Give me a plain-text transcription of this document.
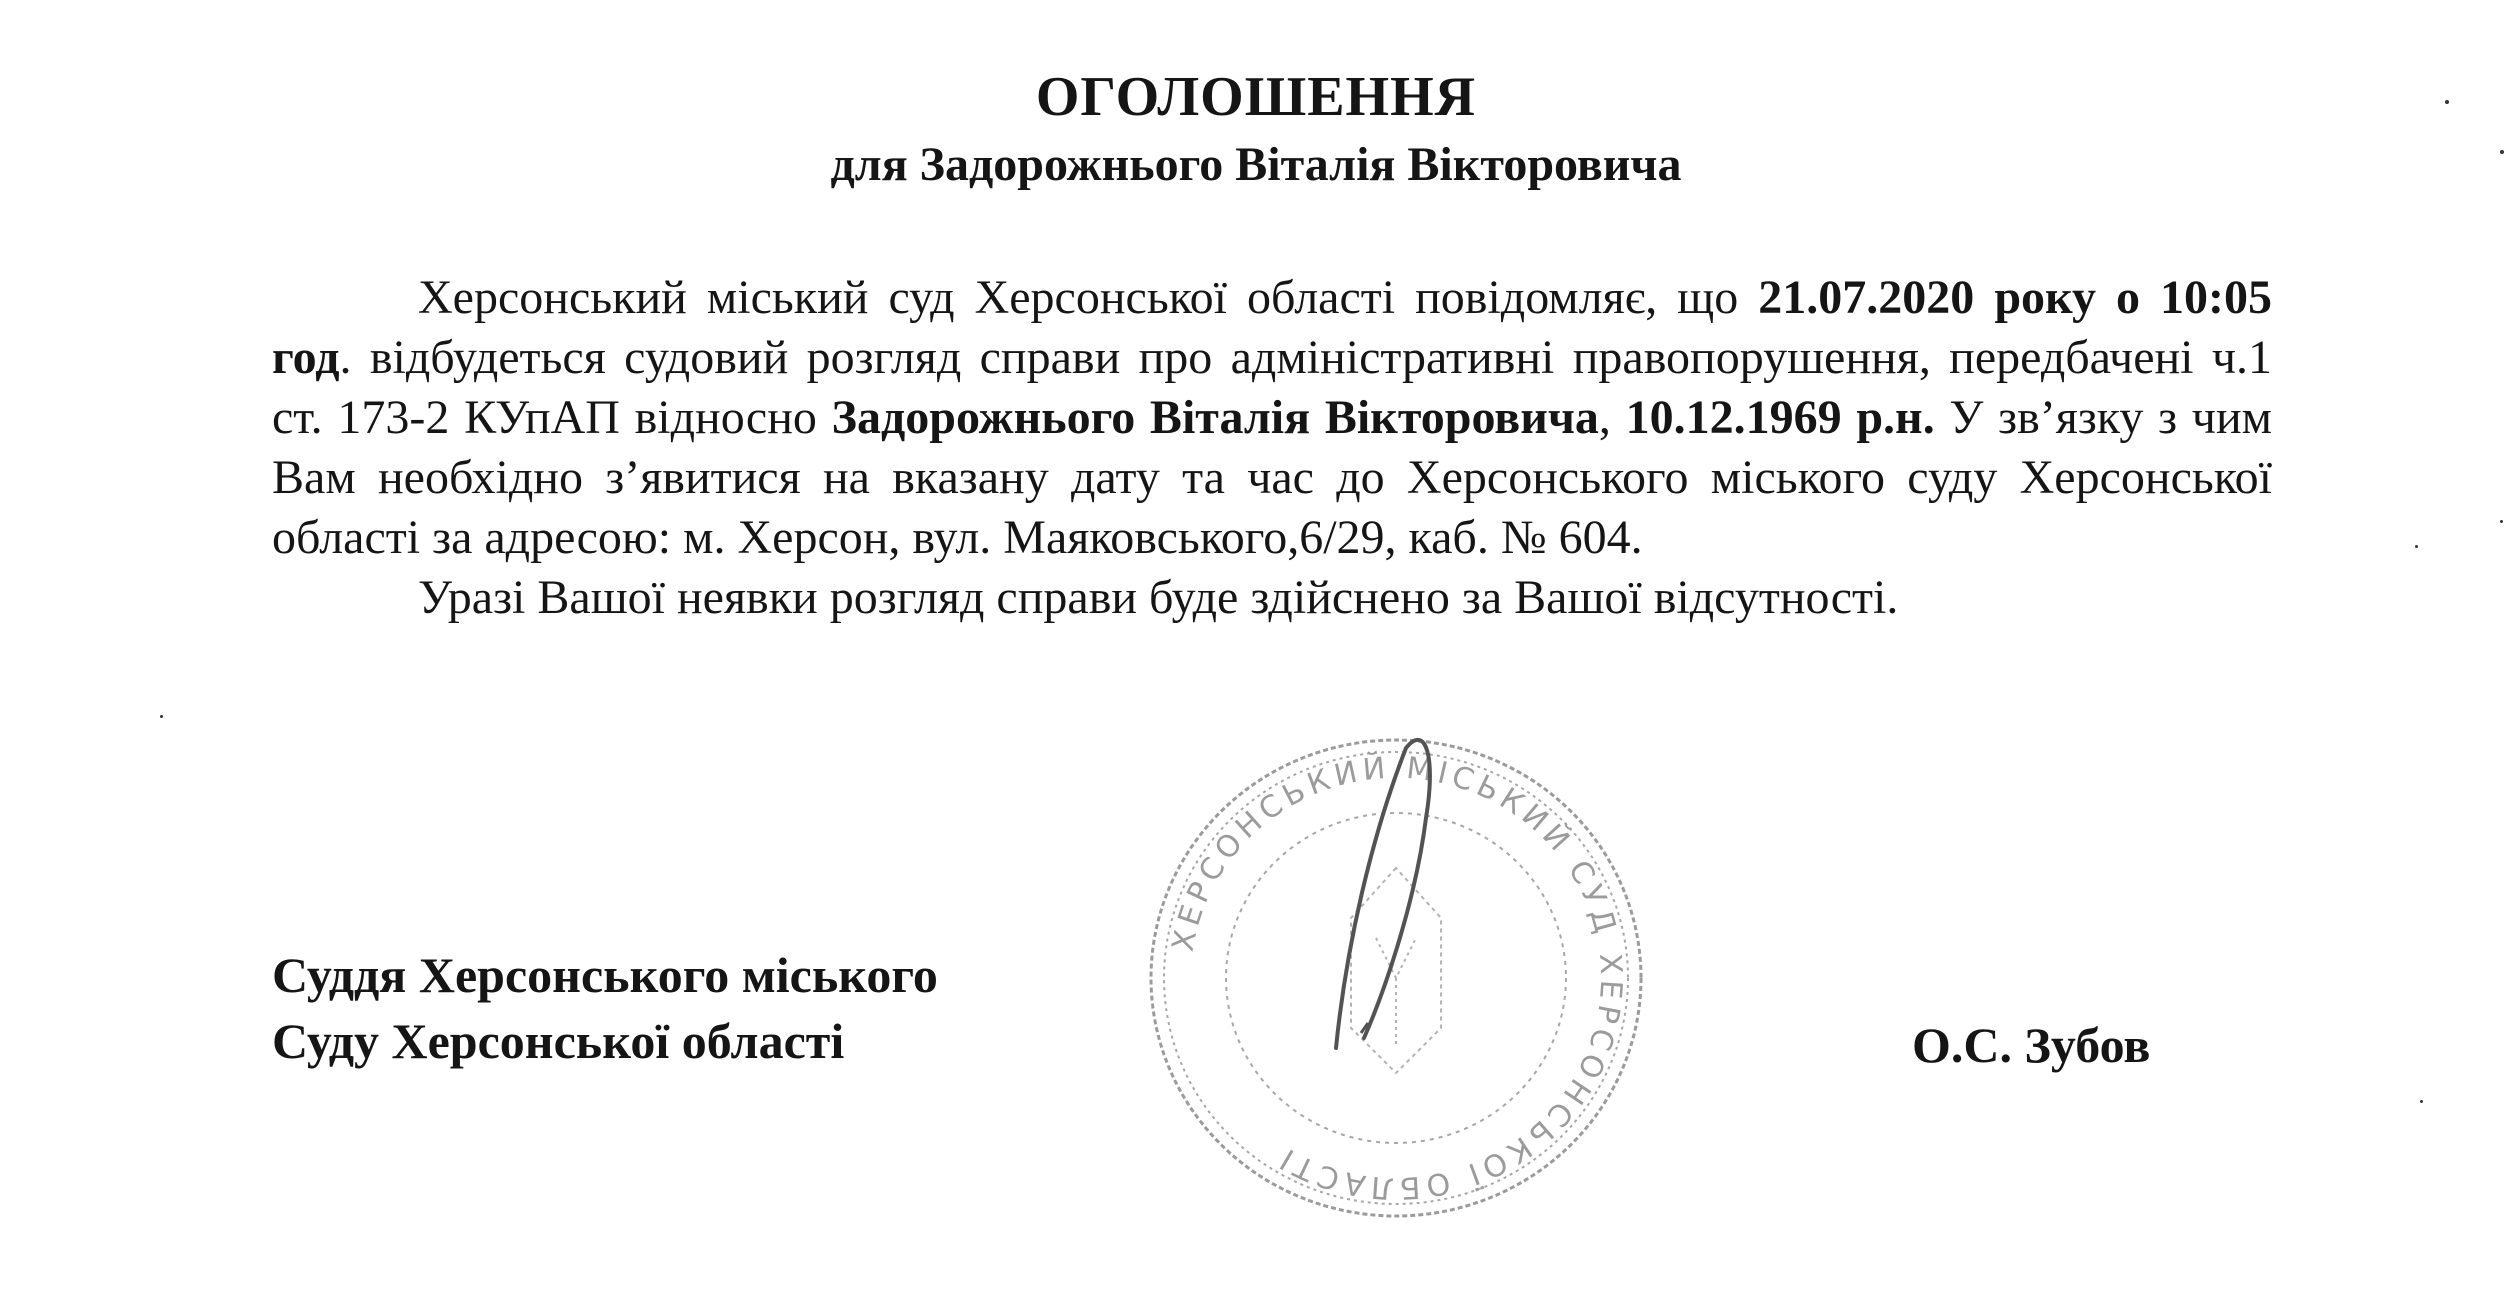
ОГОЛОШЕННЯ
для Задорожнього Віталія Вікторовича

Херсонський міський суд Херсонської області повідомляє, що 21.07.2020 року о 10:05 год. відбудеться судовий розгляд справи про адміністративні правопорушення, передбачені ч.1 ст. 173-2 КУпАП відносно Задорожнього Віталія Вікторовича, 10.12.1969 р.н. У зв’язку з чим Вам необхідно з’явитися на вказану дату та час до Херсонського міського суду Херсонської області за адресою: м. Херсон, вул. Маяковського,6/29, каб. № 604.

Уразі Вашої неявки розгляд справи буде здійснено за Вашої відсутності.

Суддя Херсонського міського
Суду Херсонської області	О.С. Зубов
ХЕРСОНСЬКИЙ МІСЬКИЙ СУД ХЕРСОНСЬКОЇ ОБЛАСТІ
